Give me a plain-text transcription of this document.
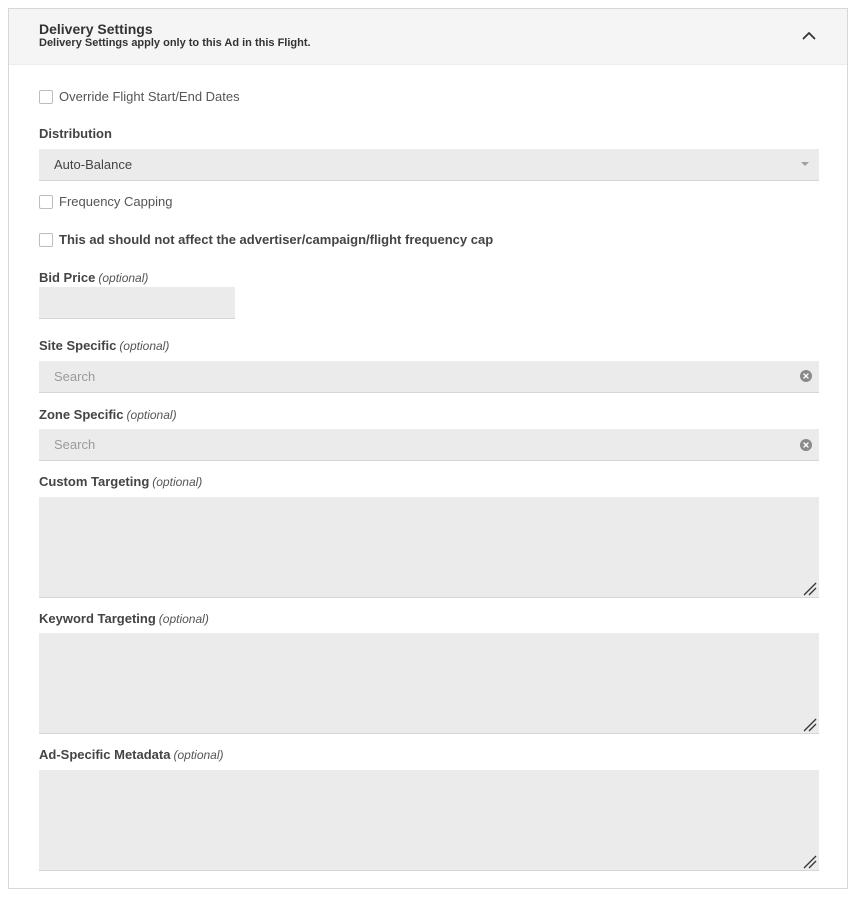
Delivery Settings
Delivery Settings apply only to this Ad in this Flight.
Override Flight Start/End Dates
Distribution
Auto-Balance
Frequency Capping
This ad should not affect the advertiser/campaign/flight frequency cap
Bid Price (optional)
Site Specific (optional)
Search
Zone Specific (optional)
Search
Custom Targeting (optional)
Keyword Targeting (optional)
Ad-Specific Metadata (optional)
